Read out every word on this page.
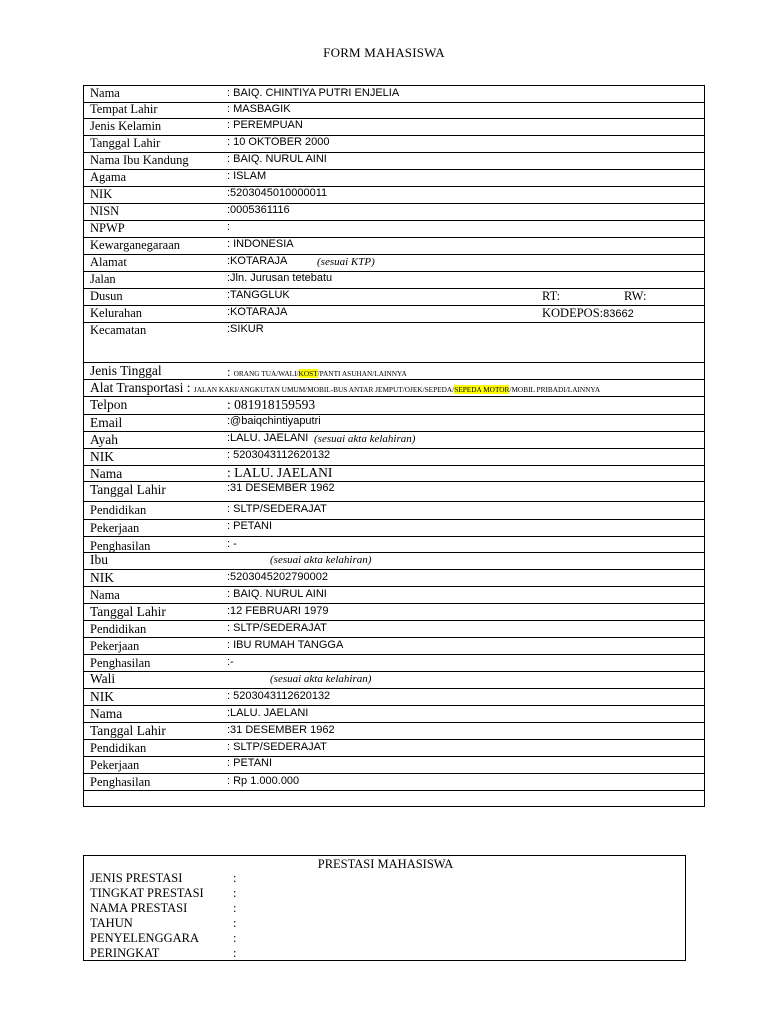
FORM MAHASISWA
Nama	: BAIQ. CHINTIYA PUTRI ENJELIA
Tempat Lahir	: MASBAGIK
Jenis Kelamin	: PEREMPUAN
Tanggal Lahir	: 10 OKTOBER 2000
Nama Ibu Kandung	: BAIQ. NURUL AINI
Agama	: ISLAM
NIK	:5203045010000011
NISN	:0005361116
NPWP	:
Kewarganegaraan	: INDONESIA
Alamat	:KOTARAJA	(sesuai KTP)
Jalan	:Jln. Jurusan tetebatu
Dusun	:TANGGLUK	RT:	RW:
Kelurahan	:KOTARAJA	KODEPOS:83662
Kecamatan	:SIKUR
Jenis Tinggal	: ORANG TUA/WALI/KOST/PANTI ASUHAN/LAINNYA
Alat Transportasi : JALAN KAKI/ANGKUTAN UMUM/MOBIL-BUS ANTAR JEMPUT/OJEK/SEPEDA/SEPEDA MOTOR/MOBIL PRIBADI/LAINNYA
Telpon	: 081918159593
Email	:@baiqchintiyaputri
Ayah	:LALU. JAELANI (sesuai akta kelahiran)
NIK	: 5203043112620132
Nama	: LALU. JAELANI
Tanggal Lahir	:31 DESEMBER 1962
Pendidikan	: SLTP/SEDERAJAT
Pekerjaan	: PETANI
Penghasilan	: -
Ibu	(sesuai akta kelahiran)
NIK	:5203045202790002
Nama	: BAIQ. NURUL AINI
Tanggal Lahir	:12 FEBRUARI 1979
Pendidikan	: SLTP/SEDERAJAT
Pekerjaan	: IBU RUMAH TANGGA
Penghasilan	:-
Wali	(sesuai akta kelahiran)
NIK	: 5203043112620132
Nama	:LALU. JAELANI
Tanggal Lahir	:31 DESEMBER 1962
Pendidikan	: SLTP/SEDERAJAT
Pekerjaan	: PETANI
Penghasilan	: Rp 1.000.000
PRESTASI MAHASISWA
JENIS PRESTASI	:
TINGKAT PRESTASI :
NAMA PRESTASI	:
TAHUN	:
PENYELENGGARA	:
PERINGKAT	:
